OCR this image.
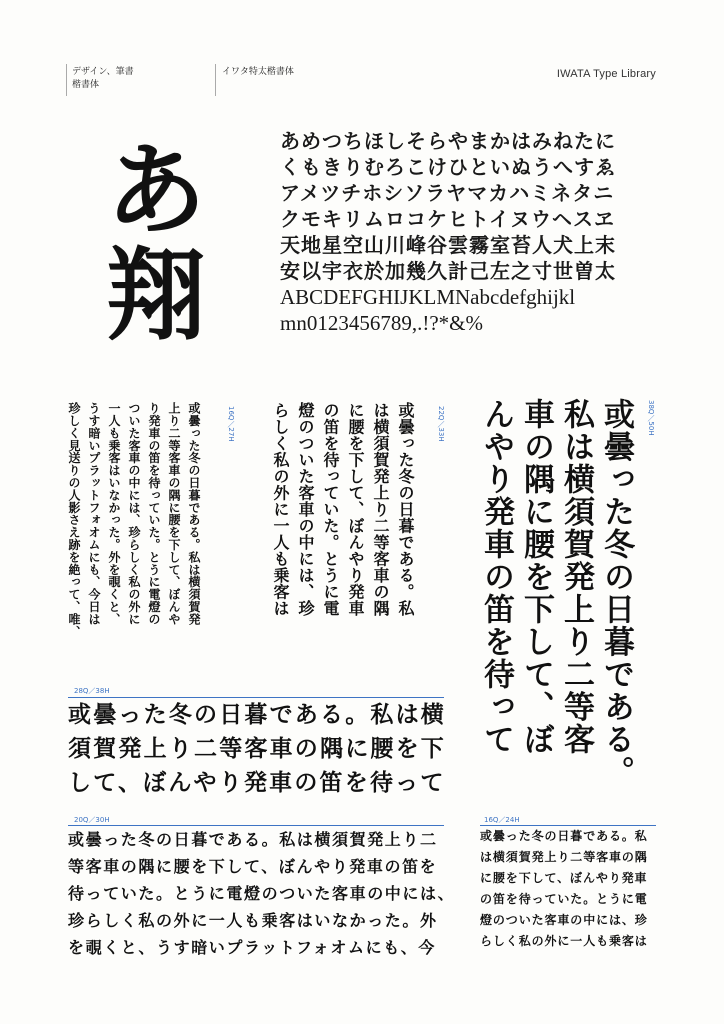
デザイン、筆書
楷書体
イワタ特太楷書体	IWATA Type Library
あ
翔
あめつちほしそらやまかはみねたに
くもきりむろこけひといぬうへすゑ
アメツチホシソラヤマカハミネタニ
クモキリムロコケヒトイヌウヘスヱ
天地星空山川峰谷雲霧室苔人犬上末
安以宇衣於加幾久計己左之寸世曽太
ABCDEFGHIJKLMNabcdefghijkl
mn0123456789,.!?*&%
16Q／27H
或曇った冬の日暮である。私は横須賀発
上り二等客車の隅に腰を下して、ぼんや
り発車の笛を待っていた。とうに電燈の
ついた客車の中には、珍らしく私の外に
一人も乗客はいなかった。外を覗くと、
うす暗いプラットフォオムにも、今日は
珍しく見送りの人影さえ跡を絶って、唯、	22Q／33H
或曇った冬の日暮である。私
は横須賀発上り二等客車の隅
に腰を下して、ぼんやり発車
の笛を待っていた。とうに電
燈のついた客車の中には、珍
らしく私の外に一人も乗客は	38Q／50H
或曇った冬の日暮である。
私は横須賀発上り二等客
車の隅に腰を下して、ぼ
んやり発車の笛を待って
28Q／38H
或曇った冬の日暮である。私は横
須賀発上り二等客車の隅に腰を下
して、ぼんやり発車の笛を待って
20Q／30H
或曇った冬の日暮である。私は横須賀発上り二
等客車の隅に腰を下して、ぼんやり発車の笛を
待っていた。とうに電燈のついた客車の中には、
珍らしく私の外に一人も乗客はいなかった。外
を覗くと、うす暗いプラットフォオムにも、今
16Q／24H
或曇った冬の日暮である。私
は横須賀発上り二等客車の隅
に腰を下して、ぼんやり発車
の笛を待っていた。とうに電
燈のついた客車の中には、珍
らしく私の外に一人も乗客は
